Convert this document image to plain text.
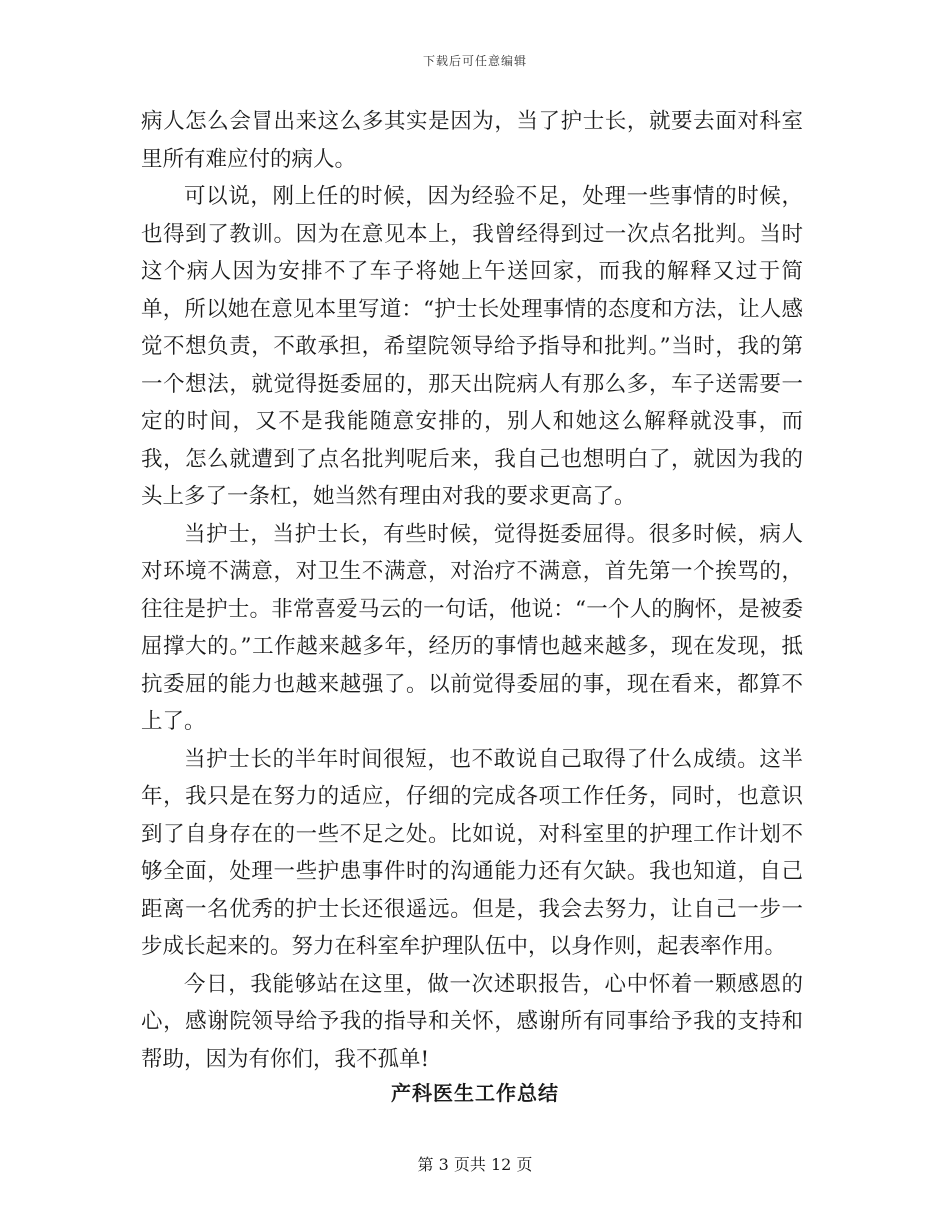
下载后可任意编辑

病人怎么会冒出来这么多其实是因为，当了护士长，就要去面对科室里所有难应付的病人。

可以说，刚上任的时候，因为经验不足，处理一些事情的时候，也得到了教训。因为在意见本上，我曾经得到过一次点名批判。当时这个病人因为安排不了车子将她上午送回家，而我的解释又过于简单，所以她在意见本里写道：“护士长处理事情的态度和方法，让人感觉不想负责，不敢承担，希望院领导给予指导和批判。”当时，我的第一个想法，就觉得挺委屈的，那天出院病人有那么多，车子送需要一定的时间，又不是我能随意安排的，别人和她这么解释就没事，而我，怎么就遭到了点名批判呢后来，我自己也想明白了，就因为我的头上多了一条杠，她当然有理由对我的要求更高了。

当护士，当护士长，有些时候，觉得挺委屈得。很多时候，病人对环境不满意，对卫生不满意，对治疗不满意，首先第一个挨骂的，往往是护士。非常喜爱马云的一句话，他说：“一个人的胸怀，是被委屈撑大的。”工作越来越多年，经历的事情也越来越多，现在发现，抵抗委屈的能力也越来越强了。以前觉得委屈的事，现在看来，都算不上了。

当护士长的半年时间很短，也不敢说自己取得了什么成绩。这半年，我只是在努力的适应，仔细的完成各项工作任务，同时，也意识到了自身存在的一些不足之处。比如说，对科室里的护理工作计划不够全面，处理一些护患事件时的沟通能力还有欠缺。我也知道，自己距离一名优秀的护士长还很遥远。但是，我会去努力，让自己一步一步成长起来的。努力在科室牟护理队伍中，以身作则，起表率作用。

今日，我能够站在这里，做一次述职报告，心中怀着一颗感恩的心，感谢院领导给予我的指导和关怀，感谢所有同事给予我的支持和帮助，因为有你们，我不孤单!

产科医生工作总结
第 3 页共 12 页
